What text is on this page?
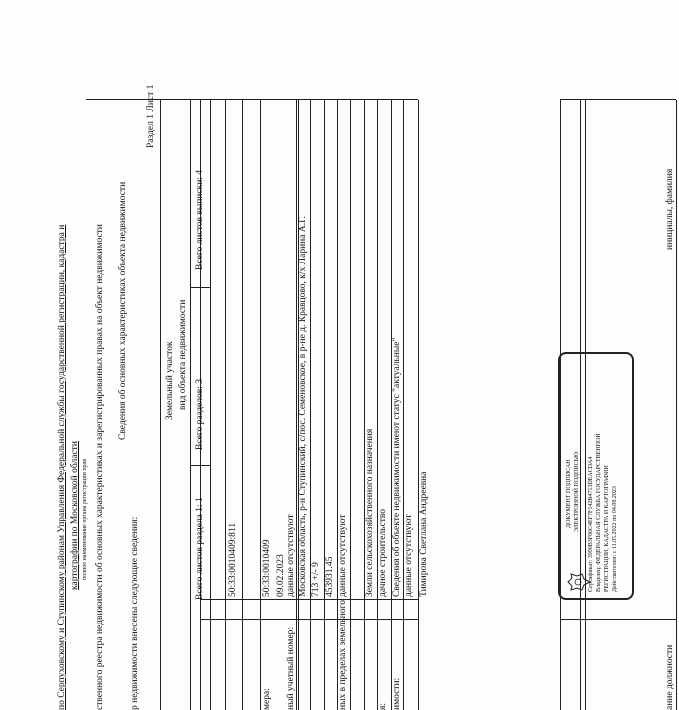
по Серпуховскому и Ступинскому районам Управления Федеральной службы государственной регистрации, кадастра и картографии по Московской области полное наименование органа регистрации прав ственного реестра недвижимости об основных характеристиках и зарегистрированных правах на объект недвижимости Сведения об основных характеристиках объекта недвижимости
р недвижимости внесены следующие сведения:
Раздел 1 Лист 1
Земельный участок вид объекта недвижимости
Всего листов раздела 1: 1
Всего разделов: 3
Всего листов выписки: 4
50:33:0010409:811
мера:
50:33:0010409 09.02.2023
ный учетный номер:
данные отсутствуют Московская область, р-н Ступинский, с/пос. Семеновское, в р-не д. Кравцово, к/х Ларина А.Г. 713 +/- 9 453931.45
ных в пределах земельного
данные отсутствуют Земли сельскохозяйственного назначения
я:
дачное строительство
имости:
Сведения об объекте недвижимости имеют статус "актуальные" данные отсутствуют Тимирова Светлана Андреевна
ание должности
инициалы, фамилия
ДОКУМЕНТ ПОДПИСАН ЭЛЕКТРОННОЙ ПОДПИСЬЮ Сертификат: 3990B3F86C4EF7F142B4713DEACDA4 Владелец: ФЕДЕРАЛЬНАЯ СЛУЖБА ГОСУДАРСТВЕННОЙ РЕГИСТРАЦИИ, КАДАСТРА И КАРТОГРАФИИ Действителен: с 11.05.2022 по 04.08.2023
